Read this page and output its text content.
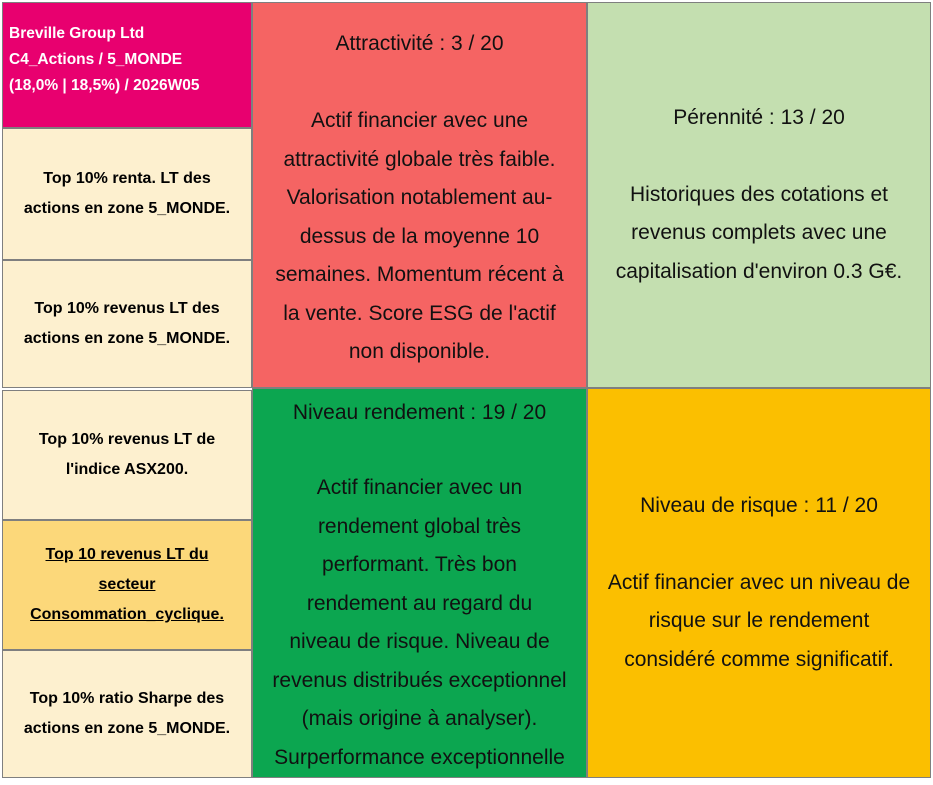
Breville Group Ltd
C4_Actions / 5_MONDE
(18,0% | 18,5%) / 2026W05
Top 10% renta. LT des
actions en zone 5_MONDE.
Top 10% revenus LT des
actions en zone 5_MONDE.
Top 10% revenus LT de
l'indice ASX200.
Top 10 revenus LT du
secteur
Consommation_cyclique.
Top 10% ratio Sharpe des
actions en zone 5_MONDE.
Attractivité : 3 / 20
Actif financier avec une
attractivité globale très faible.
Valorisation notablement au-
dessus de la moyenne 10
semaines. Momentum récent à
la vente. Score ESG de l'actif
non disponible.
Pérennité : 13 / 20
Historiques des cotations et
revenus complets avec une
capitalisation d'environ 0.3 G€.
Niveau rendement : 19 / 20
Actif financier avec un
rendement global très
performant. Très bon
rendement au regard du
niveau de risque. Niveau de
revenus distribués exceptionnel
(mais origine à analyser).
Surperformance exceptionnelle
Niveau de risque : 11 / 20
Actif financier avec un niveau de
risque sur le rendement
considéré comme significatif.
